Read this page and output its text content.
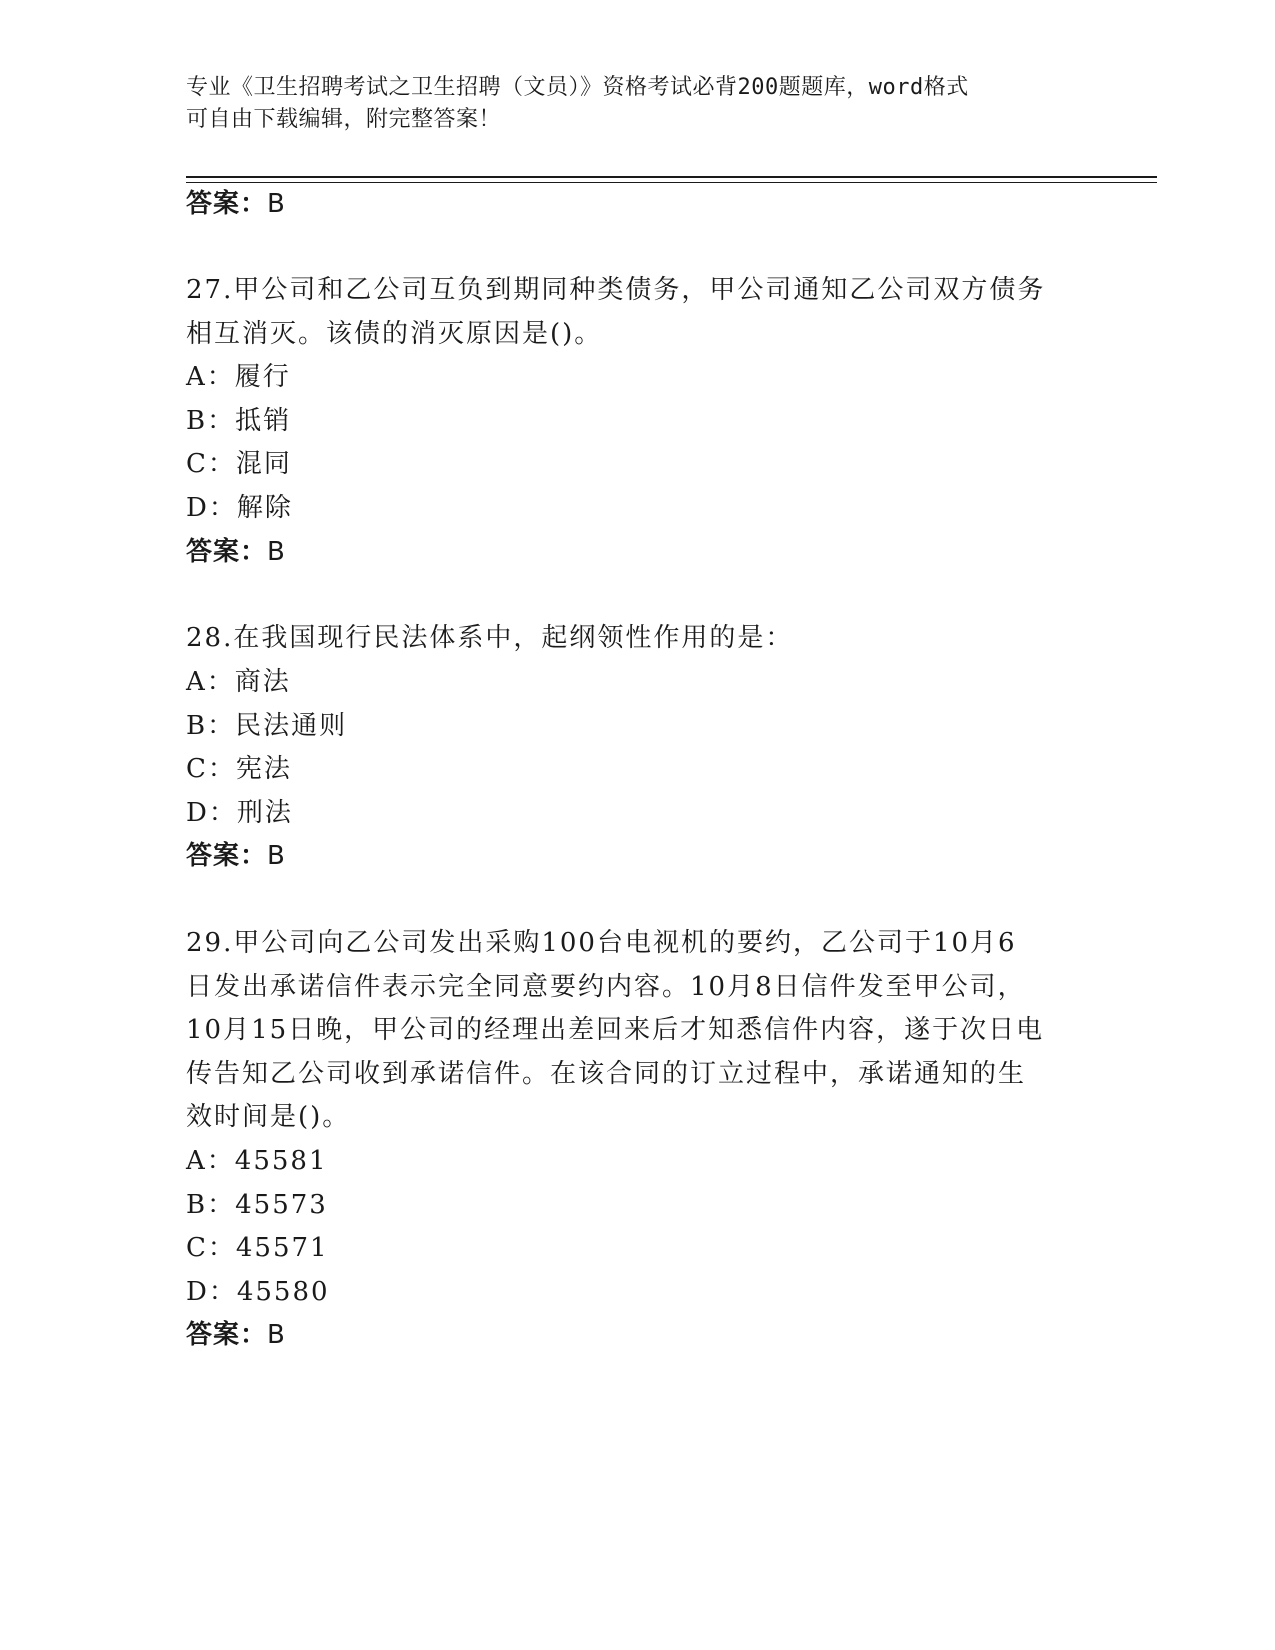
专业《卫生招聘考试之卫生招聘（文员）》资格考试必背200题题库，word格式
可自由下载编辑，附完整答案！
答案：B
27.甲公司和乙公司互负到期同种类债务，甲公司通知乙公司双方债务
相互消灭。该债的消灭原因是()。
A：履行
B：抵销
C：混同
D：解除
答案：B
28.在我国现行民法体系中，起纲领性作用的是：
A：商法
B：民法通则
C：宪法
D：刑法
答案：B
29.甲公司向乙公司发出采购100台电视机的要约，乙公司于10月6
日发出承诺信件表示完全同意要约内容。10月8日信件发至甲公司，
10月15日晚，甲公司的经理出差回来后才知悉信件内容，遂于次日电
传告知乙公司收到承诺信件。在该合同的订立过程中，承诺通知的生
效时间是()。
A：45581
B：45573
C：45571
D：45580
答案：B
